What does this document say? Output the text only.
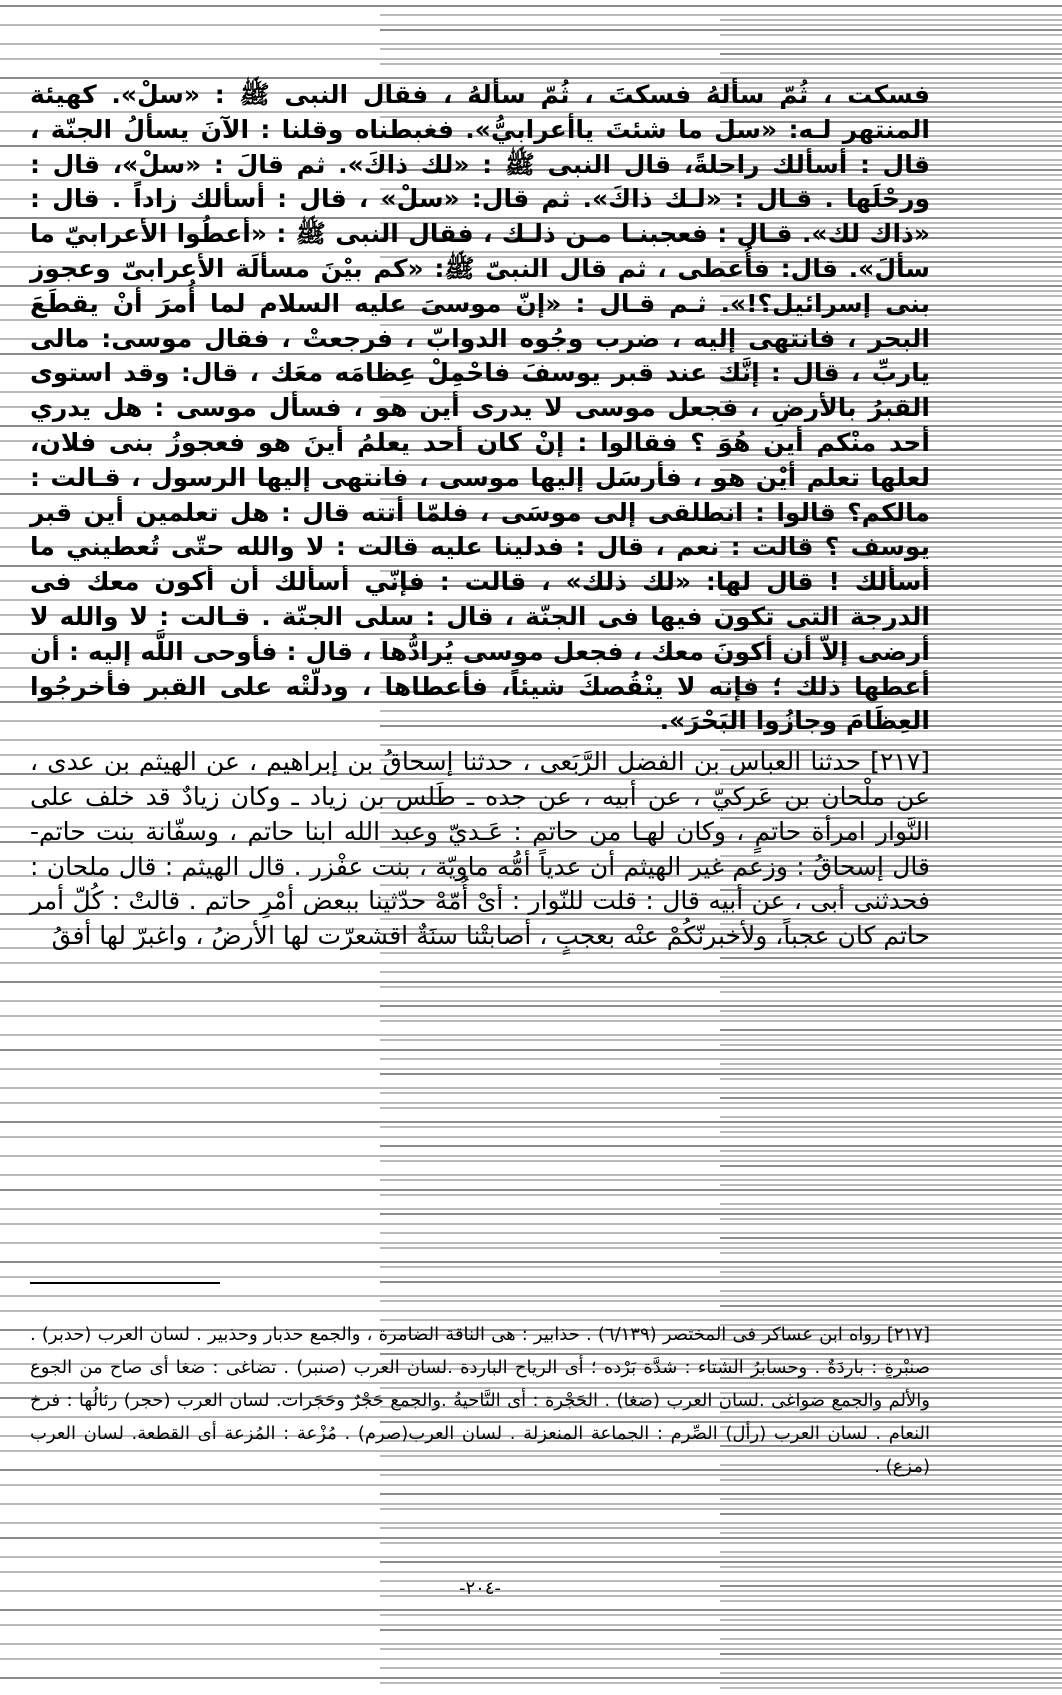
فسكت ، ثُمّ سألهُ فسكتَ ، ثُمّ سألهُ ، فقال النبى ﷺ : «سلْ». كهيئة المنتهر لـه: «سل ما شئتَ ياأعرابيُّ». فغبطناه وقلنا : الآنَ يسألُ الجنّة ، قال : أسألك راحلةً، قال النبى ﷺ : «لك ذاكَ». ثم قالَ : «سلْ»، قال : ورحْلَها . قـال : «لـك ذاكَ». ثم قال: «سلْ» ، قال : أسألك زاداً . قال : «ذاك لك». قـال : فعجبنـا مـن ذلـك ، فقال النبى ﷺ : «أعطُوا الأعرابيّ ما سألَ». قال: فأُعطى ، ثم قال النبىّ ﷺ: «كم بيْنَ مسألَة الأعرابىّ وعجوز بنى إسرائيل؟!». ثـم قـال : «إنّ موسىَ عليه السلام لما أُمرَ أنْ يقطَعَ البحر ، فانتهى إليه ، ضرب وجُوه الدوابّ ، فرجعتْ ، فقال موسى: مالى ياربِّ ، قال : إنَّك عند قبر يوسفَ فاحْمِلْ عِظامَه معَك ، قال: وقد استوى القبرُ بالأرضِ ، فجعل موسى لا يدرى أين هو ، فسأل موسى : هل يدري أحد منْكم أين هُوَ ؟ فقالوا : إنْ كان أحد يعلمُ أينَ هو فعجوزُ بنى فلان، لعلها تعلم أيْن هو ، فأرسَل إليها موسى ، فانتهى إليها الرسول ، قـالت : مالكم؟ قالوا : انطلقى إلى موسَى ، فلمّا أتته قال : هل تعلمين أين قبر يوسف ؟ قالت : نعم ، قال : فدلينا عليه قالت : لا والله حتّى تُعطيني ما أسألك ! قال لها: «لك ذلك» ، قالت : فإنّي أسألك أن أكون معك فى الدرجة التى تكون فيها فى الجنّة ، قال : سلى الجنّة . قـالت : لا والله لا أرضى إلاّ أن أكونَ معك ، فجعل موسى يُرادُّها ، قال : فأوحى اللَّه إليه : أن أعطها ذلك ؛ فإنه لا ينْقُصكَ شيئاً، فأعطاها ، ودلّتْه على القبر فأخرجُوا العِظَامَ وجازُوا البَحْرَ».

[٢١٧] حدثنا العباس بن الفضل الرَّبَعى ، حدثنا إسحاقُ بن إبراهيم ، عن الهيثم بن عدى ، عن ملْحان بن عَركيّ ، عن أبيه ، عن جده ـ طَلس بن زياد ـ وكان زيادٌ قد خلف على النَّوار امرأة حاتمٍ ، وكان لهـا من حاتم : عَـديّ وعبد الله ابنا حاتم ، وسفّانة بنت حاتم- قال إسحاقُ : وزعم غير الهيثم أن عدياً أمُّه ماويّة ، بنت عفْزر . قال الهيثم : قال ملحان : فحدثنى أبى ، عن أبيه قال : قلت للنّوار : أىْ أُمّهْ حدّثينا ببعض أمْرِ حاتم . قالتْ : كُلّ أمر حاتم كان عجباً، ولأخبرنّكُمْ عنْه بعجبٍ ، أصابتْنا سنَةٌ اقشعرّت لها الأرضُ ، واغبرّ لها أفقُ

[٢١٧] رواه ابن عساكر فى المختصر (٦/١٣٩) . حذابير : هى الناقة الضامرة ، والجمع حذبار وحذبير . لسان العرب (حدبر) . صنبْرةٍ : باردَةٌ . وحسابرُ الشتاء : شدَّة بَرْده ؛ أى الرياح الباردة .لسان العرب (صنبر) . تضاغى : ضغا أى صاح من الجوع والألم والجمع ضواغى .لسان العرب (ضغا) . الحَجْرة : أى النَّاحيةُ .والجمع حَجْرٌ وحَجَرات. لسان العرب (حجر) رئالُها : فرخ النعام . لسان العرب (رأل) الصِّرم : الجماعة المنعزلة . لسان العرب(صرم) . مُزْعة : المُزعة أى القطعة. لسان العرب (مزع) .

-٢٠٤-
